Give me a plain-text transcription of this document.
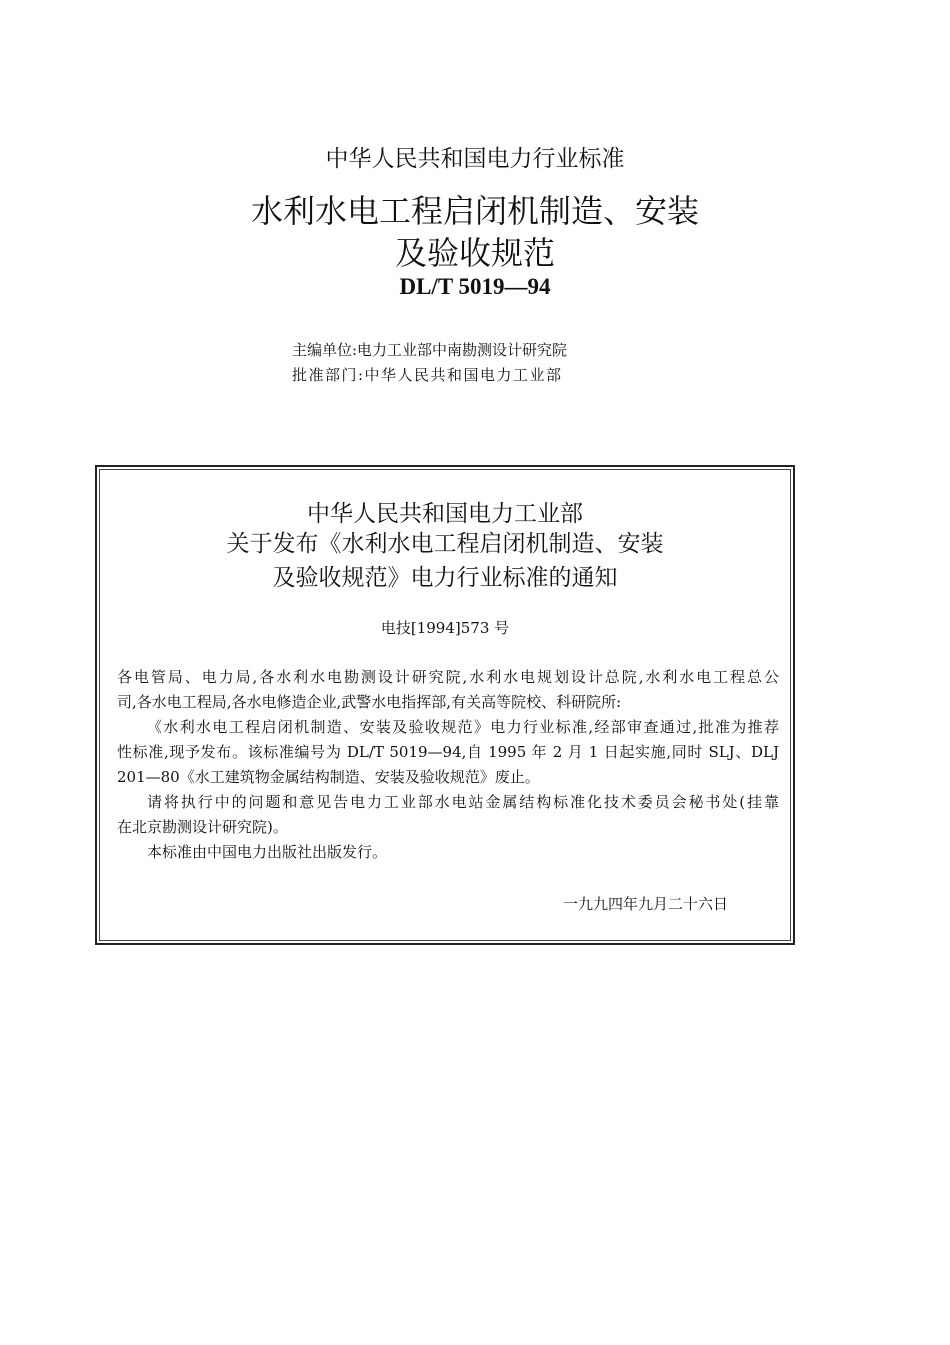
中华人民共和国电力行业标准
水利水电工程启闭机制造、安装
及验收规范
DL/T 5019—94
主编单位:电力工业部中南勘测设计研究院
批准部门:中华人民共和国电力工业部
中华人民共和国电力工业部
关于发布《水利水电工程启闭机制造、安装
及验收规范》电力行业标准的通知
电技[1994]573 号
各电管局、电力局,各水利水电勘测设计研究院,水利水电规划设计总院,水利水电工程总公
司,各水电工程局,各水电修造企业,武警水电指挥部,有关高等院校、科研院所:
《水利水电工程启闭机制造、安装及验收规范》电力行业标准,经部审查通过,批准为推荐
性标准,现予发布。该标准编号为 DL/T 5019—94,自 1995 年 2 月 1 日起实施,同时 SLJ、DLJ
201—80《水工建筑物金属结构制造、安装及验收规范》废止。
请将执行中的问题和意见告电力工业部水电站金属结构标准化技术委员会秘书处(挂靠
在北京勘测设计研究院)。
本标准由中国电力出版社出版发行。
一九九四年九月二十六日
